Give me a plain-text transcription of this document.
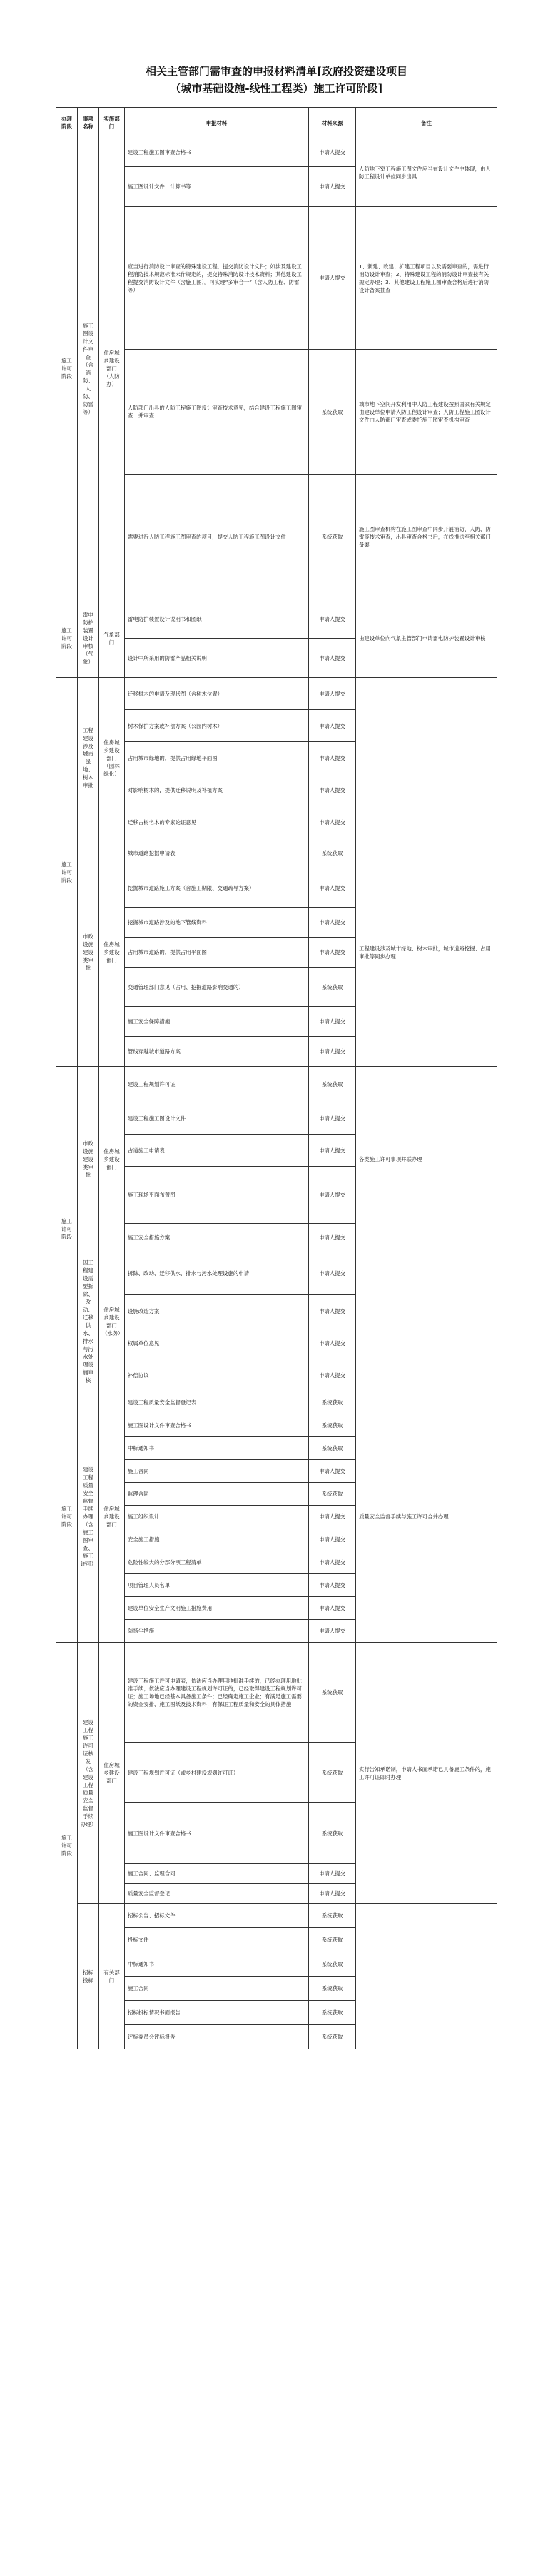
相关主管部门需审查的申报材料清单[政府投资建设项目
（城市基础设施-线性工程类）施工许可阶段]
办理阶段	事项名称	实施部门	申报材料	材料来源	备注
施工许可阶段	施工图设计文件审查（含消防、人防、防雷等）	住房城乡建设部门（人防办）	建设工程施工图审查合格书	申请人提交	人防地下室工程施工图文件应当在设计文件中体现，由人防工程设计单位同步出具
			施工图设计文件、计算书等	申请人提交	
			应当进行消防设计审查的特殊建设工程，提交消防设计文件；如涉及建设工程消防技术规范标准未作规定的，提交特殊消防设计技术资料；其他建设工程提交消防设计文件（含施工图）。可实现“多审合一”（含人防工程、防雷等）	申请人提交	1、新建、改建、扩建工程项目以及需要审查的，需进行消防设计审查；2、特殊建设工程的消防设计审查按有关规定办理；3、其他建设工程施工图审查合格后进行消防设计备案抽查
			人防部门出具的人防工程施工图设计审查技术意见，结合建设工程施工图审查一并审查	系统获取	城市地下空间开发利用中人防工程建设按照国家有关规定由建设单位申请人防工程设计审查；人防工程施工图设计文件由人防部门审查或委托施工图审查机构审查
			需要进行人防工程施工图审查的项目，提交人防工程施工图设计文件	系统获取	施工图审查机构在施工图审查中同步开展消防、人防、防雷等技术审查，出具审查合格书后，在线推送至相关部门备案
施工许可阶段	雷电防护装置设计审核（气象）	气象部门	雷电防护装置设计说明书和图纸	申请人提交	由建设单位向气象主管部门申请雷电防护装置设计审核
			设计中所采用的防雷产品相关说明	申请人提交	
施工许可阶段	工程建设涉及城市绿地、树木审批	住房城乡建设部门（园林绿化）	迁移树木的申请及现状图（含树木位置）	申请人提交	
			树木保护方案或补偿方案（公园内树木）	申请人提交	
			占用城市绿地的，提供占用绿地平面图	申请人提交	
			对影响树木的，提供迁移说明及补植方案	申请人提交	
			迁移古树名木的专家论证意见	申请人提交	
	市政设施建设类审批	住房城乡建设部门	城市道路挖掘申请表	系统获取	工程建设涉及城市绿地、树木审批，城市道路挖掘、占用审批等同步办理
			挖掘城市道路施工方案（含施工期限、交通疏导方案）	申请人提交	
			挖掘城市道路涉及的地下管线资料	申请人提交	
			占用城市道路的，提供占用平面图	申请人提交	
			交通管理部门意见（占用、挖掘道路影响交通的）	系统获取	
			施工安全保障措施	申请人提交	
			管线穿越城市道路方案	申请人提交	
施工许可阶段	市政设施建设类审批	住房城乡建设部门	建设工程规划许可证	系统获取	各类施工许可事项并联办理
			建设工程施工图设计文件	申请人提交	
			占道施工申请表	申请人提交	
			施工现场平面布置图	申请人提交	
			施工安全措施方案	申请人提交	
	因工程建设需要拆除、改动、迁移供水、排水与污水处理设施审核	住房城乡建设部门（水务）	拆除、改动、迁移供水、排水与污水处理设施的申请	申请人提交	
			设施改造方案	申请人提交	
			权属单位意见	申请人提交	
			补偿协议	申请人提交	
施工许可阶段	建设工程质量安全监督手续办理（含施工图审查、施工许可）	住房城乡建设部门	建设工程质量安全监督登记表	系统获取	质量安全监督手续与施工许可合并办理
			施工图设计文件审查合格书	系统获取	
			中标通知书	系统获取	
			施工合同	申请人提交	
			监理合同	系统获取	
			施工组织设计	申请人提交	
			安全施工措施	申请人提交	
			危险性较大的分部分项工程清单	申请人提交	
			项目管理人员名单	申请人提交	
			建设单位安全生产文明施工措施费用	申请人提交	
			防扬尘措施	申请人提交	
施工许可阶段	建设工程施工许可证核发（含建设工程质量安全监督手续办理）	住房城乡建设部门	建设工程施工许可申请表，依法应当办理用地批准手续的，已经办理用地批准手续；依法应当办理建设工程规划许可证的，已经取得建设工程规划许可证；施工场地已经基本具备施工条件；已经确定施工企业；有满足施工需要的资金安排、施工图纸及技术资料；有保证工程质量和安全的具体措施	系统获取	实行告知承诺制，申请人书面承诺已具备施工条件的，施工许可证即时办理
			建设工程规划许可证（或乡村建设规划许可证）	系统获取	
			施工图设计文件审查合格书	系统获取	
			施工合同、监理合同	申请人提交	
			质量安全监督登记	申请人提交	
	招标投标	有关部门	招标公告、招标文件	系统获取	
			投标文件	系统获取	
			中标通知书	系统获取	
			施工合同	系统获取	
			招标投标情况书面报告	系统获取	
			评标委员会评标报告	系统获取	
